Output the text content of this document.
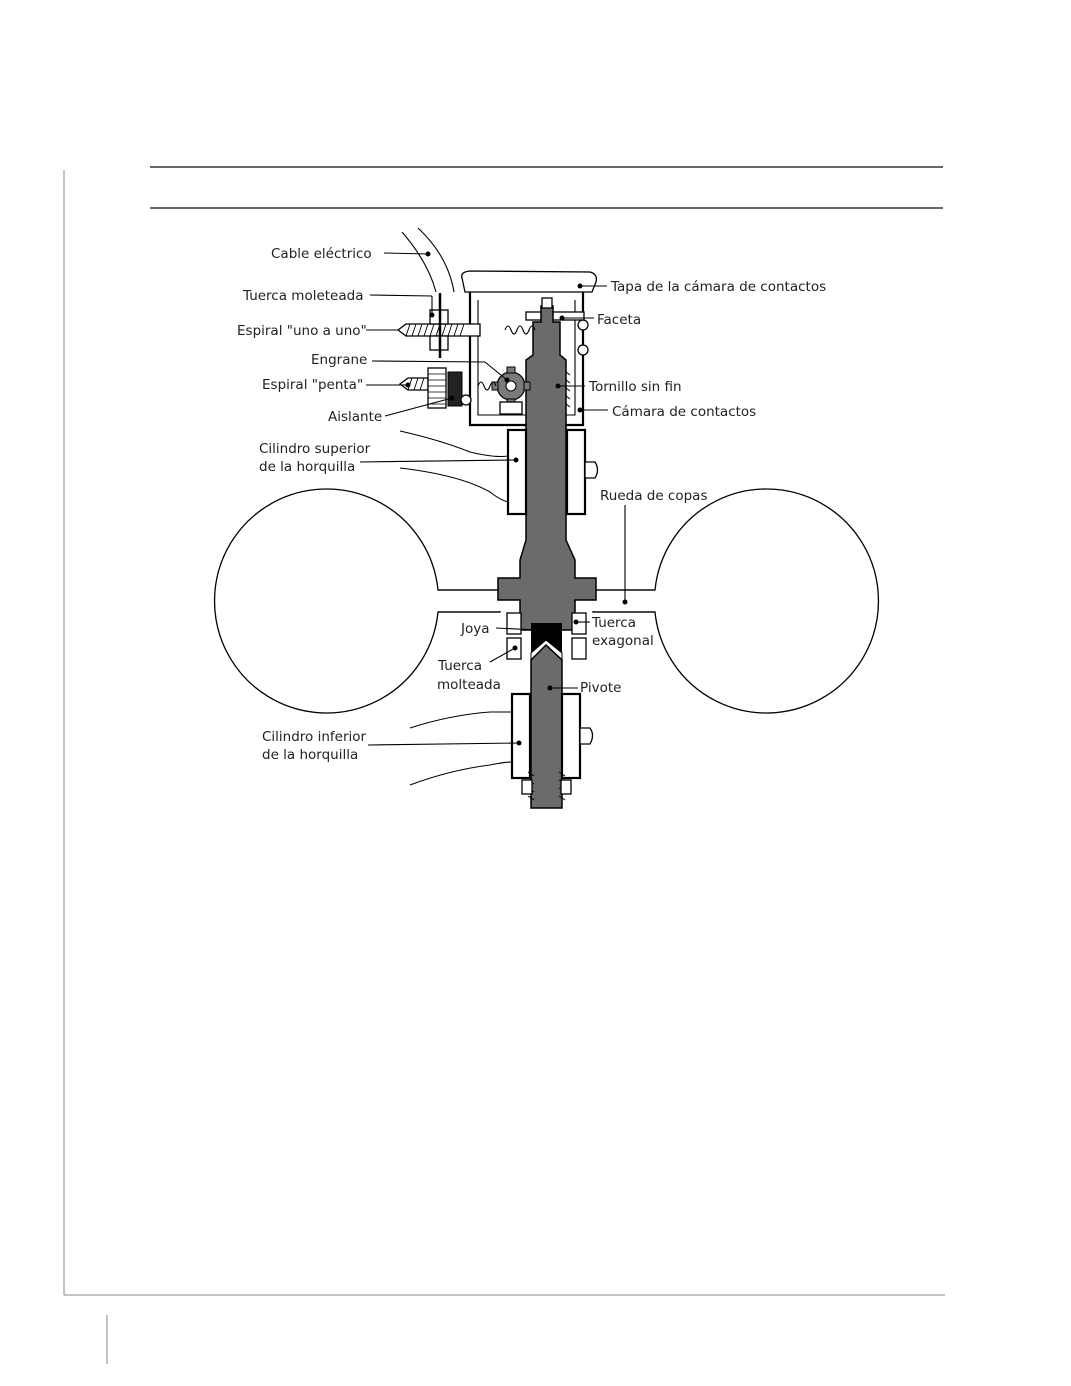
Cable eléctrico
Tuerca moleteada
Espiral "uno a uno"
Engrane
Espiral "penta"
Aislante
Cilindro superior
de la horquilla
Tapa de la cámara de contactos
Faceta
Tornillo sin fin
Cámara de contactos
Rueda de copas
Joya	Tuerca
exagonal
Tuerca
molteada	Pivote
Cilindro inferior
de la horquilla
